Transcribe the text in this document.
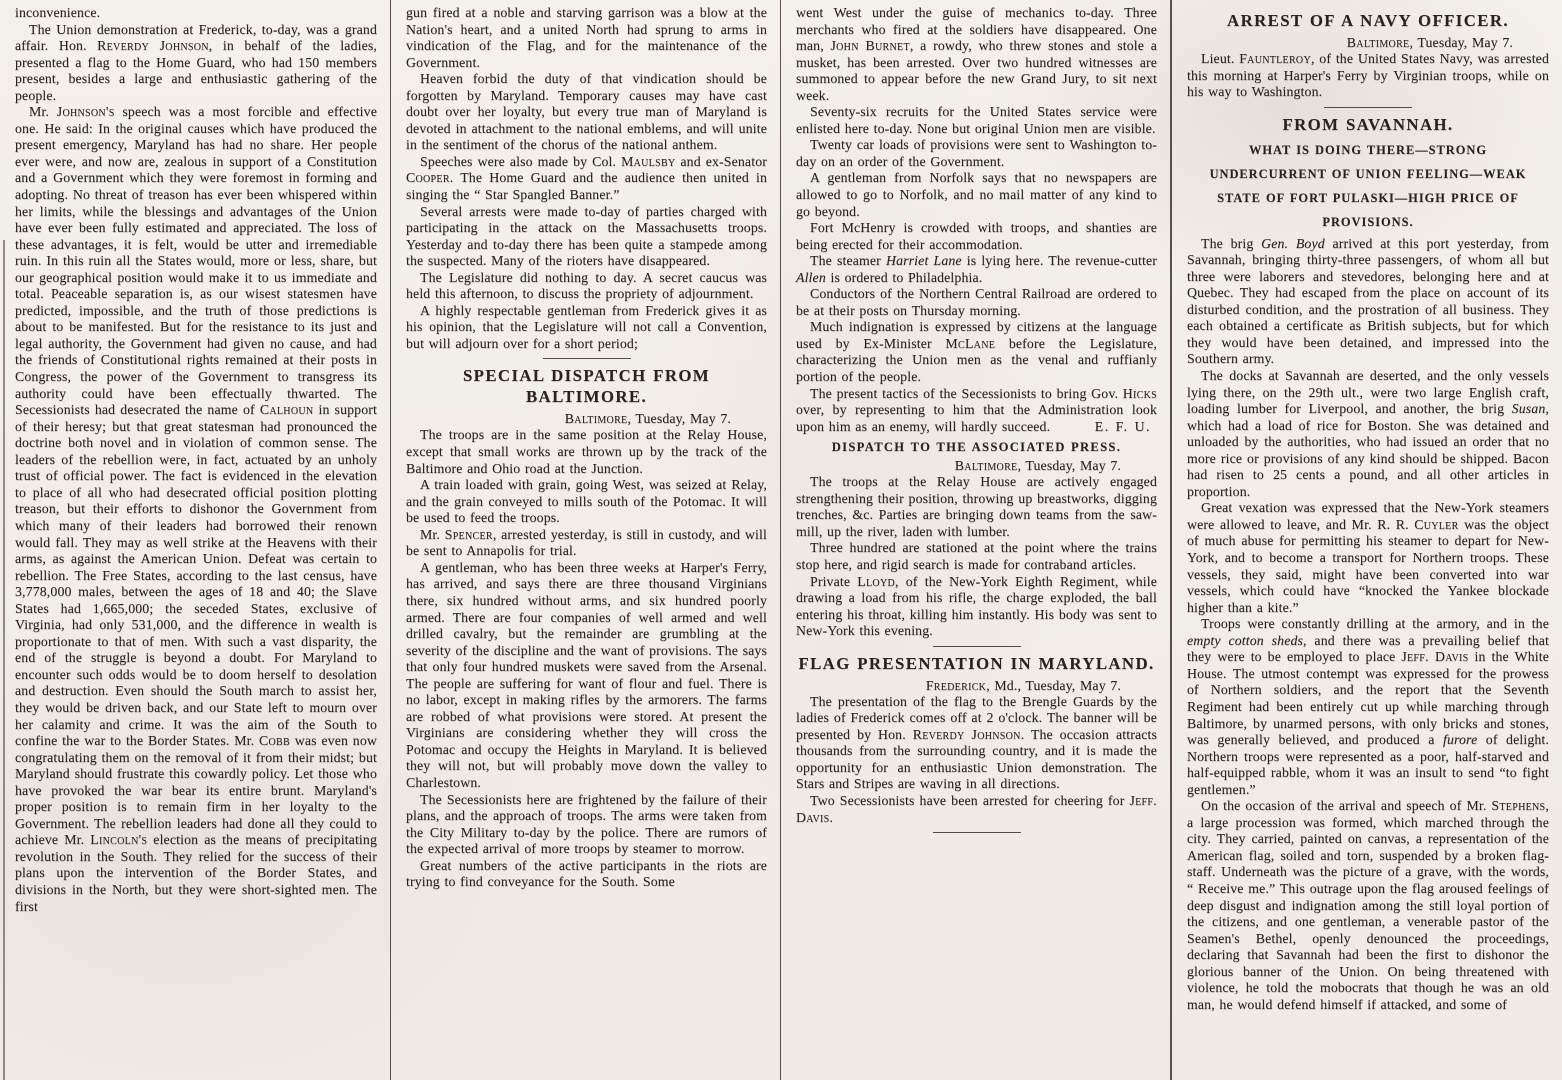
inconvenience.

The Union demonstration at Frederick, to-day, was a grand affair. Hon. Reverdy Johnson, in behalf of the ladies, presented a flag to the Home Guard, who had 150 members present, besides a large and enthusiastic gathering of the people.

Mr. Johnson's speech was a most forcible and effective one. He said: In the original causes which have produced the present emergency, Maryland has had no share. Her people ever were, and now are, zealous in support of a Constitution and a Government which they were foremost in forming and adopting. No threat of treason has ever been whispered within her limits, while the blessings and advantages of the Union have ever been fully estimated and appreciated. The loss of these advantages, it is felt, would be utter and irremediable ruin. In this ruin all the States would, more or less, share, but our geographical position would make it to us immediate and total. Peaceable separation is, as our wisest statesmen have predicted, impossible, and the truth of those predictions is about to be manifested. But for the resistance to its just and legal authority, the Government had given no cause, and had the friends of Constitutional rights remained at their posts in Congress, the power of the Government to transgress its authority could have been effectually thwarted. The Secessionists had desecrated the name of Calhoun in support of their heresy; but that great statesman had pronounced the doctrine both novel and in violation of common sense. The leaders of the rebellion were, in fact, actuated by an unholy trust of official power. The fact is evidenced in the elevation to place of all who had desecrated official position plotting treason, but their efforts to dishonor the Government from which many of their leaders had borrowed their renown would fall. They may as well strike at the Heavens with their arms, as against the American Union. Defeat was certain to rebellion. The Free States, according to the last census, have 3,778,000 males, between the ages of 18 and 40; the Slave States had 1,665,000; the seceded States, exclusive of Virginia, had only 531,000, and the difference in wealth is proportionate to that of men. With such a vast disparity, the end of the struggle is beyond a doubt. For Maryland to encounter such odds would be to doom herself to desolation and destruction. Even should the South march to assist her, they would be driven back, and our State left to mourn over her calamity and crime. It was the aim of the South to confine the war to the Border States. Mr. Cobb was even now congratulating them on the removal of it from their midst; but Maryland should frustrate this cowardly policy. Let those who have provoked the war bear its entire brunt. Maryland's proper position is to remain firm in her loyalty to the Government. The rebellion leaders had done all they could to achieve Mr. Lincoln's election as the means of precipitating revolution in the South. They relied for the success of their plans upon the intervention of the Border States, and divisions in the North, but they were short-sighted men. The first

gun fired at a noble and starving garrison was a blow at the Nation's heart, and a united North had sprung to arms in vindication of the Flag, and for the maintenance of the Government.

Heaven forbid the duty of that vindication should be forgotten by Maryland. Temporary causes may have cast doubt over her loyalty, but every true man of Maryland is devoted in attachment to the national emblems, and will unite in the sentiment of the chorus of the national anthem.

Speeches were also made by Col. Maulsby and ex-Senator Cooper. The Home Guard and the audience then united in singing the “ Star Spangled Banner.”

Several arrests were made to-day of parties charged with participating in the attack on the Massachusetts troops. Yesterday and to-day there has been quite a stampede among the suspected. Many of the rioters have disappeared.

The Legislature did nothing to day. A secret caucus was held this afternoon, to discuss the propriety of adjournment.

A highly respectable gentleman from Frederick gives it as his opinion, that the Legislature will not call a Convention, but will adjourn over for a short period;

SPECIAL DISPATCH FROM BALTIMORE.

Baltimore, Tuesday, May 7.

The troops are in the same position at the Relay House, except that small works are thrown up by the track of the Baltimore and Ohio road at the Junction.

A train loaded with grain, going West, was seized at Relay, and the grain conveyed to mills south of the Potomac. It will be used to feed the troops.

Mr. Spencer, arrested yesterday, is still in custody, and will be sent to Annapolis for trial.

A gentleman, who has been three weeks at Harper's Ferry, has arrived, and says there are three thousand Virginians there, six hundred without arms, and six hundred poorly armed. There are four companies of well armed and well drilled cavalry, but the remainder are grumbling at the severity of the discipline and the want of provisions. The says that only four hundred muskets were saved from the Arsenal. The people are suffering for want of flour and fuel. There is no labor, except in making rifles by the armorers. The farms are robbed of what provisions were stored. At present the Virginians are considering whether they will cross the Potomac and occupy the Heights in Maryland. It is believed they will not, but will probably move down the valley to Charlestown.

The Secessionists here are frightened by the failure of their plans, and the approach of troops. The arms were taken from the City Military to-day by the police. There are rumors of the expected arrival of more troops by steamer to morrow.

Great numbers of the active participants in the riots are trying to find conveyance for the South. Some

went West under the guise of mechanics to-day. Three merchants who fired at the soldiers have disappeared. One man, John Burnet, a rowdy, who threw stones and stole a musket, has been arrested. Over two hundred witnesses are summoned to appear before the new Grand Jury, to sit next week.

Seventy-six recruits for the United States service were enlisted here to-day. None but original Union men are visible.

Twenty car loads of provisions were sent to Washington to-day on an order of the Government.

A gentleman from Norfolk says that no newspapers are allowed to go to Norfolk, and no mail matter of any kind to go beyond.

Fort McHenry is crowded with troops, and shanties are being erected for their accommodation.

The steamer Harriet Lane is lying here. The revenue-cutter Allen is ordered to Philadelphia.

Conductors of the Northern Central Railroad are ordered to be at their posts on Thursday morning.

Much indignation is expressed by citizens at the language used by Ex-Minister McLane before the Legislature, characterizing the Union men as the venal and ruffianly portion of the people.

The present tactics of the Secessionists to bring Gov. Hicks over, by representing to him that the Administration look upon him as an enemy, will hardly succeed.	E. F. U.

DISPATCH TO THE ASSOCIATED PRESS.

Baltimore, Tuesday, May 7.

The troops at the Relay House are actively engaged strengthening their position, throwing up breastworks, digging trenches, &c. Parties are bringing down teams from the saw-mill, up the river, laden with lumber.

Three hundred are stationed at the point where the trains stop here, and rigid search is made for contraband articles.

Private Lloyd, of the New-York Eighth Regiment, while drawing a load from his rifle, the charge exploded, the ball entering his throat, killing him instantly. His body was sent to New-York this evening.

FLAG PRESENTATION IN MARYLAND.

Frederick, Md., Tuesday, May 7.

The presentation of the flag to the Brengle Guards by the ladies of Frederick comes off at 2 o'clock. The banner will be presented by Hon. Reverdy Johnson. The occasion attracts thousands from the surrounding country, and it is made the opportunity for an enthusiastic Union demonstration. The Stars and Stripes are waving in all directions.

Two Secessionists have been arrested for cheering for Jeff. Davis.

ARREST OF A NAVY OFFICER.

Baltimore, Tuesday, May 7.

Lieut. Fauntleroy, of the United States Navy, was arrested this morning at Harper's Ferry by Virginian troops, while on his way to Washington.

FROM SAVANNAH.

WHAT IS DOING THERE—STRONG UNDERCURRENT OF UNION FEELING—WEAK STATE OF FORT PULASKI—HIGH PRICE OF PROVISIONS.

The brig Gen. Boyd arrived at this port yesterday, from Savannah, bringing thirty-three passengers, of whom all but three were laborers and stevedores, belonging here and at Quebec. They had escaped from the place on account of its disturbed condition, and the prostration of all business. They each obtained a certificate as British subjects, but for which they would have been detained, and impressed into the Southern army.

The docks at Savannah are deserted, and the only vessels lying there, on the 29th ult., were two large English craft, loading lumber for Liverpool, and another, the brig Susan, which had a load of rice for Boston. She was detained and unloaded by the authorities, who had issued an order that no more rice or provisions of any kind should be shipped. Bacon had risen to 25 cents a pound, and all other articles in proportion.

Great vexation was expressed that the New-York steamers were allowed to leave, and Mr. R. R. Cuyler was the object of much abuse for permitting his steamer to depart for New-York, and to become a transport for Northern troops. These vessels, they said, might have been converted into war vessels, which could have “knocked the Yankee blockade higher than a kite.”

Troops were constantly drilling at the armory, and in the empty cotton sheds, and there was a prevailing belief that they were to be employed to place Jeff. Davis in the White House. The utmost contempt was expressed for the prowess of Northern soldiers, and the report that the Seventh Regiment had been entirely cut up while marching through Baltimore, by unarmed persons, with only bricks and stones, was generally believed, and produced a furore of delight. Northern troops were represented as a poor, half-starved and half-equipped rabble, whom it was an insult to send “to fight gentlemen.”

On the occasion of the arrival and speech of Mr. Stephens, a large procession was formed, which marched through the city. They carried, painted on canvas, a representation of the American flag, soiled and torn, suspended by a broken flag-staff. Underneath was the picture of a grave, with the words, “ Receive me.” This outrage upon the flag aroused feelings of deep disgust and indignation among the still loyal portion of the citizens, and one gentleman, a venerable pastor of the Seamen's Bethel, openly denounced the proceedings, declaring that Savannah had been the first to dishonor the glorious banner of the Union. On being threatened with violence, he told the mobocrats that though he was an old man, he would defend himself if attacked, and some of
